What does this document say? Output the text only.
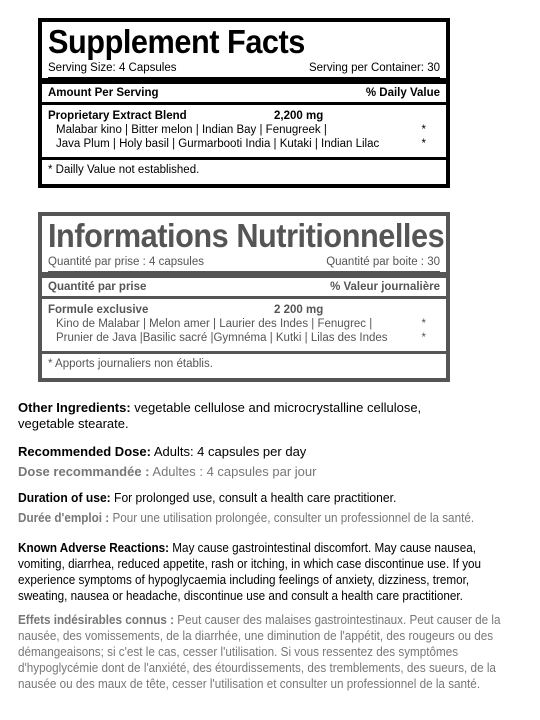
Supplement Facts
Serving Size: 4 Capsules	Serving per Container: 30
Amount Per Serving	% Daily Value
Proprietary Extract Blend	2,200 mg
Malabar kino | Bitter melon | Indian Bay | Fenugreek |	*
Java Plum | Holy basil | Gurmarbooti India | Kutaki | Indian Lilac	*
* Dailly Value not established.
Informations Nutritionnelles
Quantité par prise : 4 capsules	Quantité par boite : 30
Quantité par prise	% Valeur journalière
Formule exclusive	2 200 mg
Kino de Malabar | Melon amer | Laurier des Indes | Fenugrec |	*
Prunier de Java |Basilic sacré |Gymnéma | Kutki | Lilas des Indes	*
* Apports journaliers non établis.
Other Ingredients: vegetable cellulose and microcrystalline cellulose,
vegetable stearate.
Recommended Dose: Adults: 4 capsules per day
Dose recommandée : Adultes : 4 capsules par jour
Duration of use: For prolonged use, consult a health care practitioner.
Durée d'emploi : Pour une utilisation prolongée, consulter un professionnel de la santé.
Known Adverse Reactions: May cause gastrointestinal discomfort. May cause nausea,
vomiting, diarrhea, reduced appetite, rash or itching, in which case discontinue use. If you
experience symptoms of hypoglycaemia including feelings of anxiety, dizziness, tremor,
sweating, nausea or headache, discontinue use and consult a health care practitioner.
Effets indésirables connus : Peut causer des malaises gastrointestinaux. Peut causer de la
nausée, des vomissements, de la diarrhée, une diminution de l'appétit, des rougeurs ou des
démangeaisons; si c'est le cas, cesser l'utilisation. Si vous ressentez des symptômes
d'hypoglycémie dont de l'anxiété, des étourdissements, des tremblements, des sueurs, de la
nausée ou des maux de tête, cesser l'utilisation et consulter un professionnel de la santé.
